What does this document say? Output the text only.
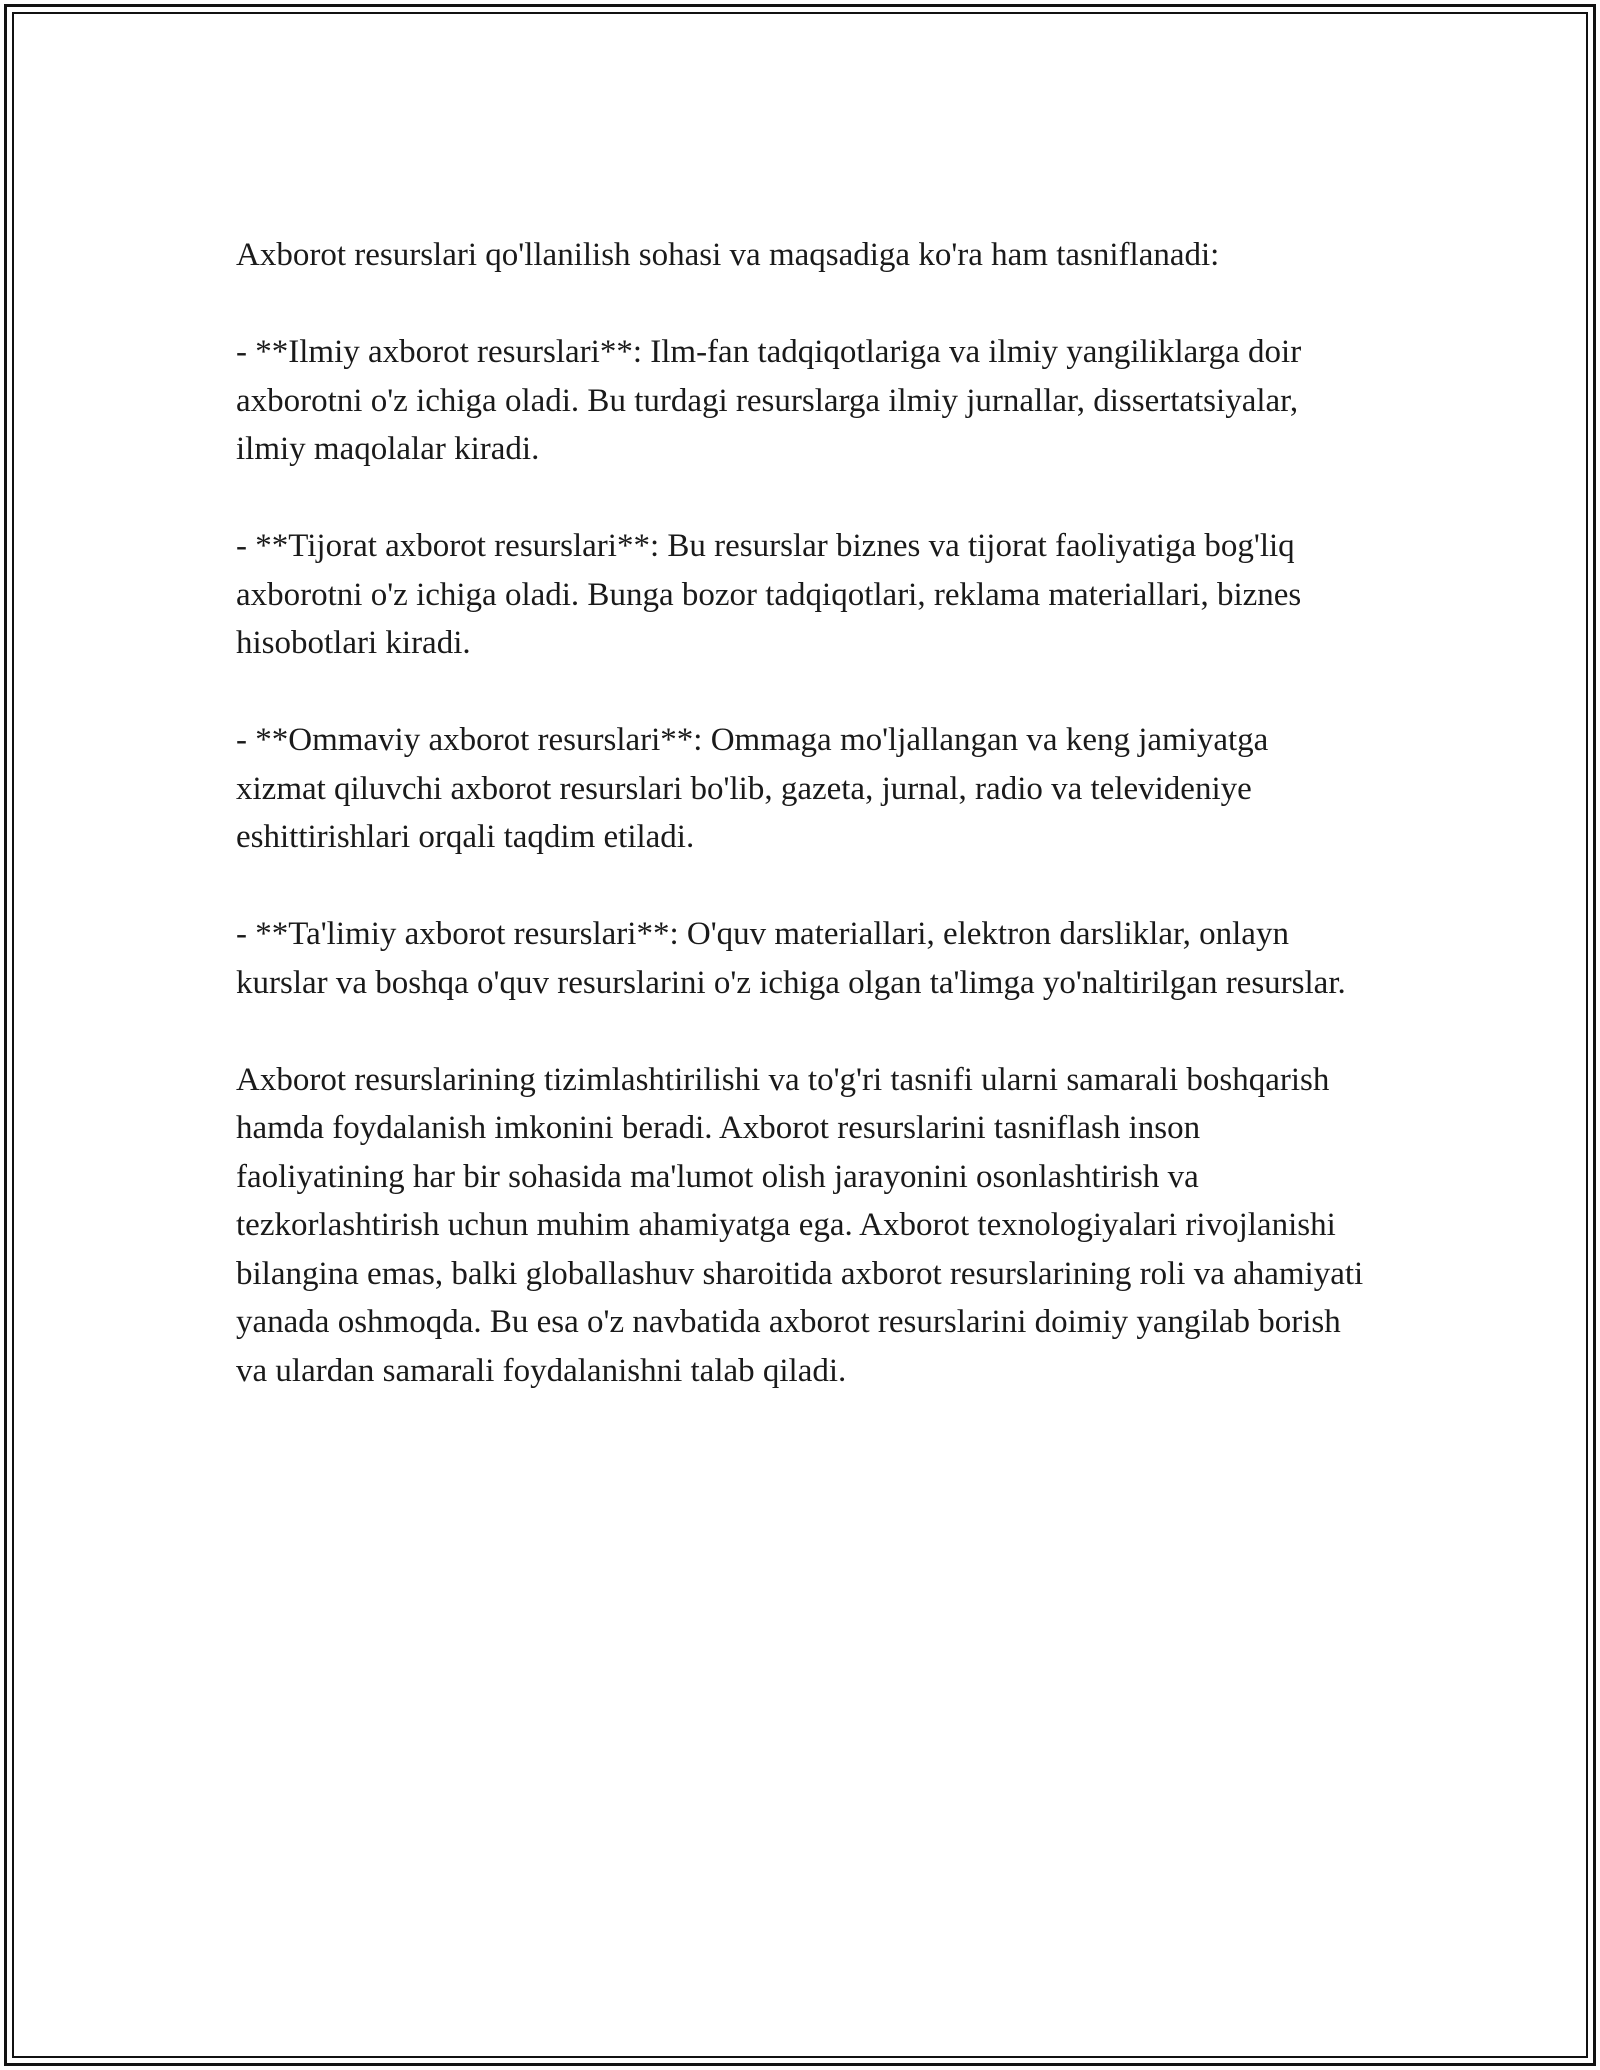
Axborot resurslari qo'llanilish sohasi va maqsadiga ko'ra ham tasniflanadi:

- **Ilmiy axborot resurslari**: Ilm-fan tadqiqotlariga va ilmiy yangiliklarga doir axborotni o'z ichiga oladi. Bu turdagi resurslarga ilmiy jurnallar, dissertatsiyalar, ilmiy maqolalar kiradi.

- **Tijorat axborot resurslari**: Bu resurslar biznes va tijorat faoliyatiga bog'liq axborotni o'z ichiga oladi. Bunga bozor tadqiqotlari, reklama materiallari, biznes hisobotlari kiradi.

- **Ommaviy axborot resurslari**: Ommaga mo'ljallangan va keng jamiyatga xizmat qiluvchi axborot resurslari bo'lib, gazeta, jurnal, radio va televideniye eshittirishlari orqali taqdim etiladi.

- **Ta'limiy axborot resurslari**: O'quv materiallari, elektron darsliklar, onlayn kurslar va boshqa o'quv resurslarini o'z ichiga olgan ta'limga yo'naltirilgan resurslar.

Axborot resurslarining tizimlashtirilishi va to'g'ri tasnifi ularni samarali boshqarish hamda foydalanish imkonini beradi. Axborot resurslarini tasniflash inson faoliyatining har bir sohasida ma'lumot olish jarayonini osonlashtirish va tezkorlashtirish uchun muhim ahamiyatga ega. Axborot texnologiyalari rivojlanishi bilangina emas, balki globallashuv sharoitida axborot resurslarining roli va ahamiyati yanada oshmoqda. Bu esa o'z navbatida axborot resurslarini doimiy yangilab borish va ulardan samarali foydalanishni talab qiladi.
